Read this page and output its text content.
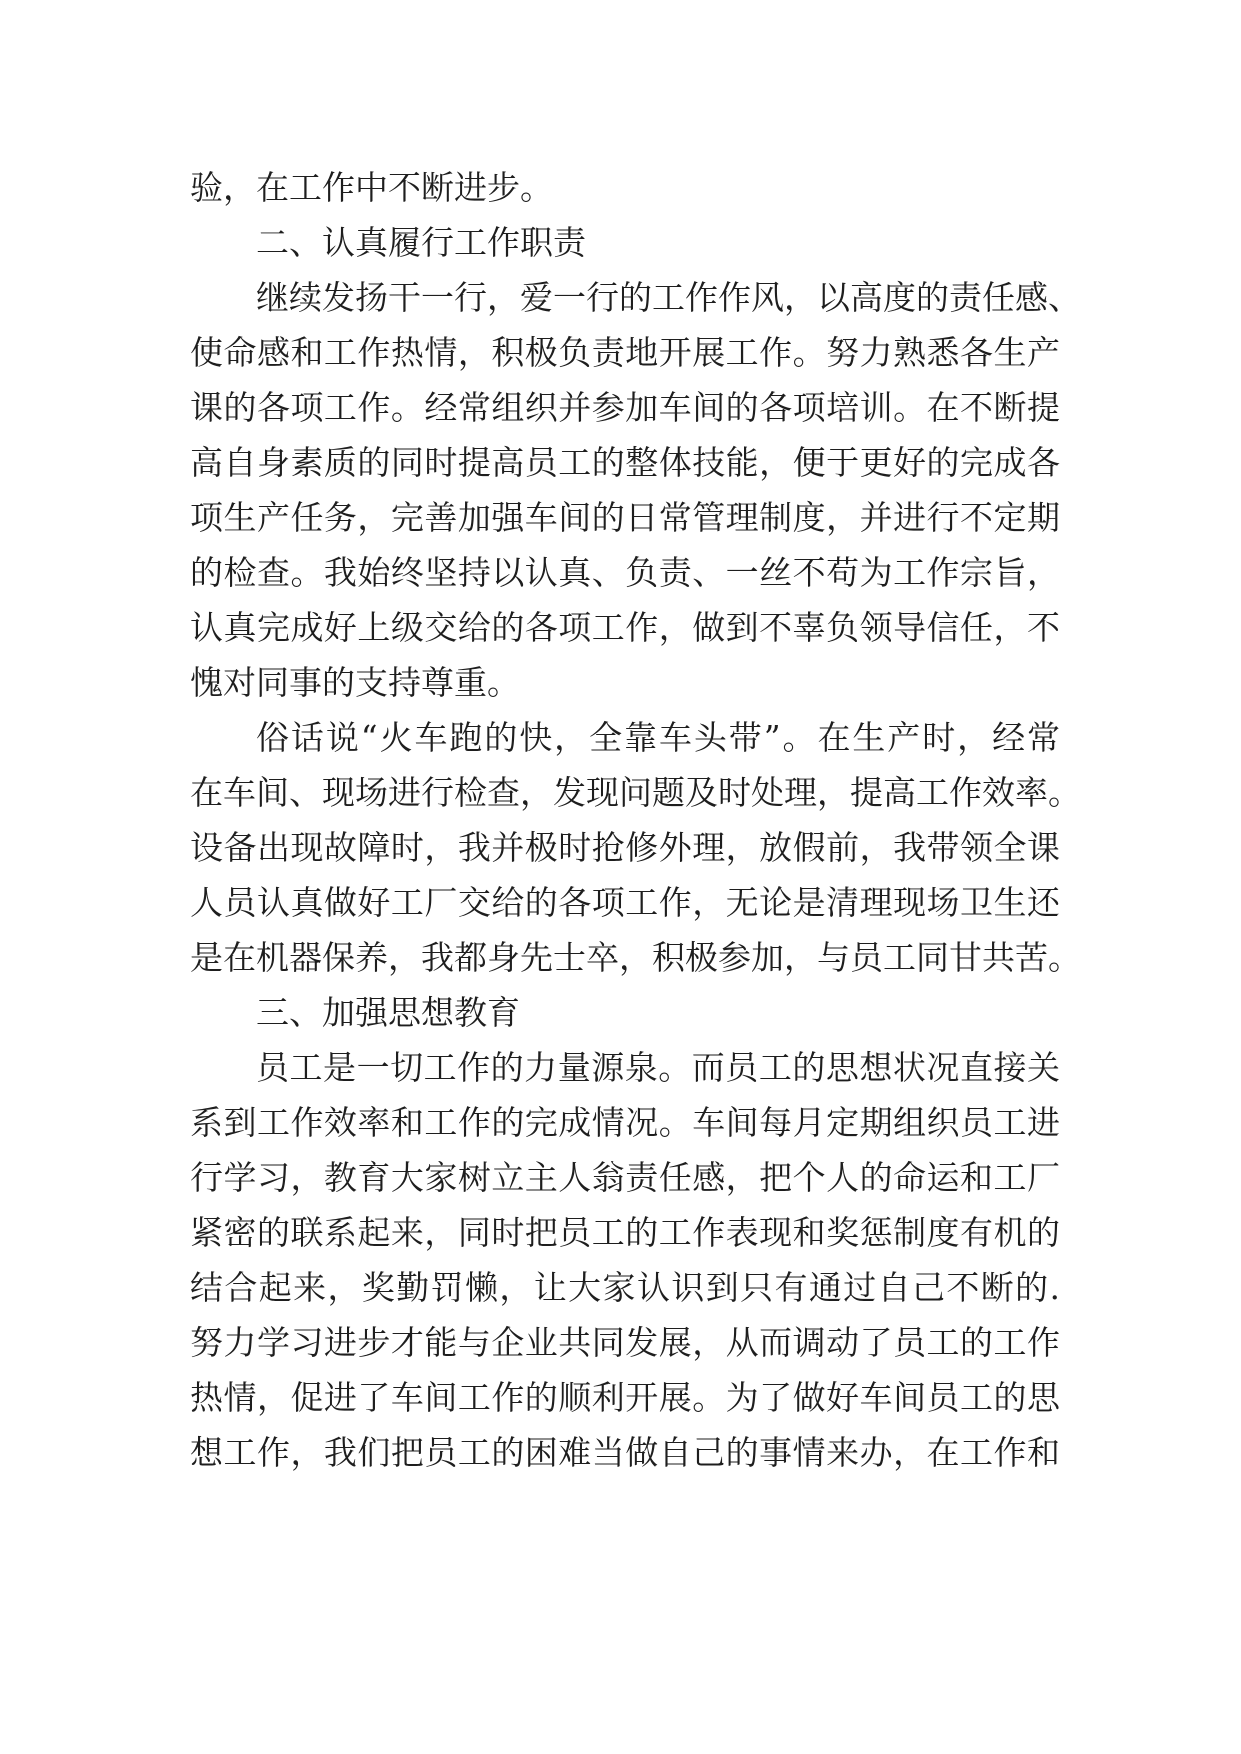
验，在工作中不断进步。
二、认真履行工作职责
继续发扬干一行，爱一行的工作作风，以高度的责任感、
使命感和工作热情，积极负责地开展工作。努力熟悉各生产
课的各项工作。经常组织并参加车间的各项培训。在不断提
高自身素质的同时提高员工的整体技能，便于更好的完成各
项生产任务，完善加强车间的日常管理制度，并进行不定期
的检查。我始终坚持以认真、负责、一丝不苟为工作宗旨，
认真完成好上级交给的各项工作，做到不辜负领导信任，不
愧对同事的支持尊重。
俗话说“火车跑的快，全靠车头带”。在生产时，经常
在车间、现场进行检查，发现问题及时处理，提高工作效率。
设备出现故障时，我并极时抢修外理，放假前，我带领全课
人员认真做好工厂交给的各项工作，无论是清理现场卫生还
是在机器保养，我都身先士卒，积极参加，与员工同甘共苦。
三、加强思想教育
员工是一切工作的力量源泉。而员工的思想状况直接关
系到工作效率和工作的完成情况。车间每月定期组织员工进
行学习，教育大家树立主人翁责任感，把个人的命运和工厂
紧密的联系起来，同时把员工的工作表现和奖惩制度有机的
结合起来，奖勤罚懒，让大家认识到只有通过自己不断的.
努力学习进步才能与企业共同发展，从而调动了员工的工作
热情，促进了车间工作的顺利开展。为了做好车间员工的思
想工作，我们把员工的困难当做自己的事情来办，在工作和
